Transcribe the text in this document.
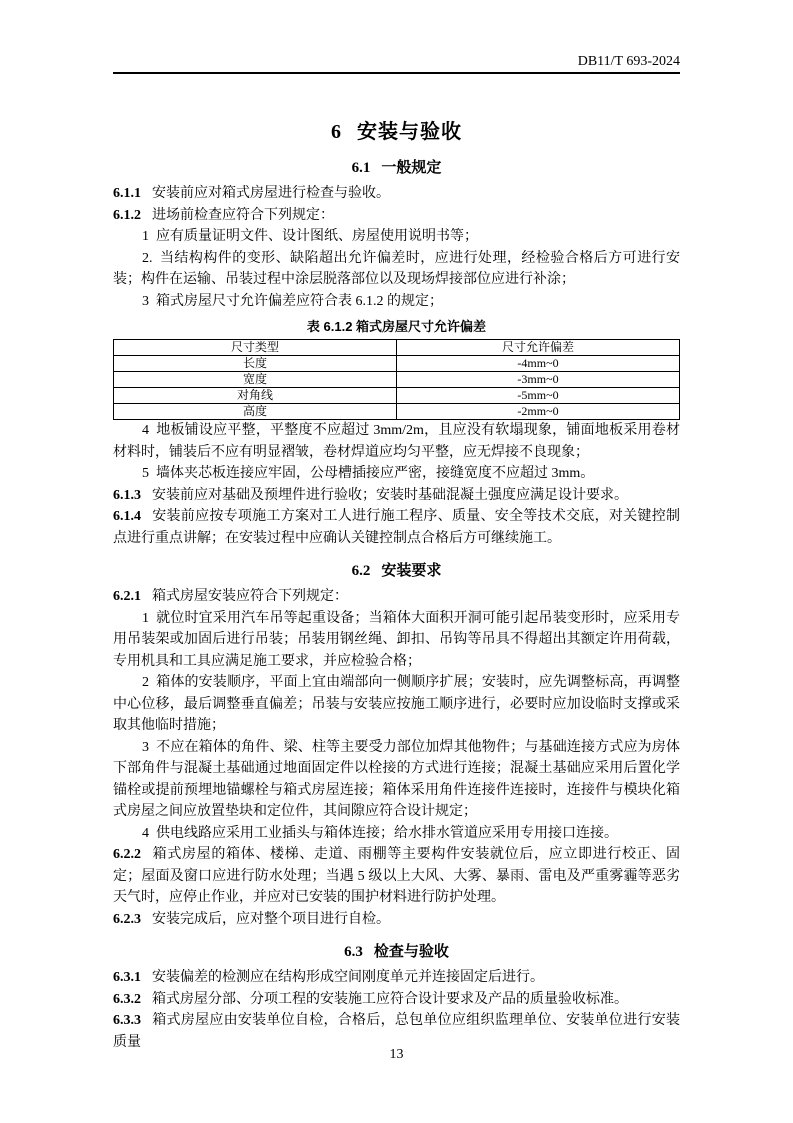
DB11/T 693-2024
6 安装与验收
6.1 一般规定

6.1.1 安装前应对箱式房屋进行检查与验收。

6.1.2 进场前检查应符合下列规定：

1 应有质量证明文件、设计图纸、房屋使用说明书等；

2. 当结构构件的变形、缺陷超出允许偏差时，应进行处理，经检验合格后方可进行安装；构件在运输、吊装过程中涂层脱落部位以及现场焊接部位应进行补涂；

3 箱式房屋尺寸允许偏差应符合表 6.1.2 的规定；

表 6.1.2 箱式房屋尺寸允许偏差
尺寸类型	尺寸允许偏差
长度	-4mm~0
宽度	-3mm~0
对角线	-5mm~0
高度	-2mm~0

4 地板铺设应平整，平整度不应超过 3mm/2m，且应没有软塌现象，铺面地板采用卷材材料时，铺装后不应有明显褶皱，卷材焊道应均匀平整，应无焊接不良现象；

5 墙体夹芯板连接应牢固，公母槽插接应严密，接缝宽度不应超过 3mm。

6.1.3 安装前应对基础及预埋件进行验收；安装时基础混凝土强度应满足设计要求。

6.1.4 安装前应按专项施工方案对工人进行施工程序、质量、安全等技术交底，对关键控制点进行重点讲解；在安装过程中应确认关键控制点合格后方可继续施工。

6.2 安装要求

6.2.1 箱式房屋安装应符合下列规定：

1 就位时宜采用汽车吊等起重设备；当箱体大面积开洞可能引起吊装变形时，应采用专用吊装架或加固后进行吊装；吊装用钢丝绳、卸扣、吊钩等吊具不得超出其额定许用荷载，专用机具和工具应满足施工要求，并应检验合格；

2 箱体的安装顺序，平面上宜由端部向一侧顺序扩展；安装时，应先调整标高，再调整中心位移，最后调整垂直偏差；吊装与安装应按施工顺序进行，必要时应加设临时支撑或采取其他临时措施；

3 不应在箱体的角件、梁、柱等主要受力部位加焊其他物件；与基础连接方式应为房体下部角件与混凝土基础通过地面固定件以栓接的方式进行连接；混凝土基础应采用后置化学锚栓或提前预埋地锚螺栓与箱式房屋连接；箱体采用角件连接件连接时，连接件与模块化箱式房屋之间应放置垫块和定位件，其间隙应符合设计规定；

4 供电线路应采用工业插头与箱体连接；给水排水管道应采用专用接口连接。

6.2.2 箱式房屋的箱体、楼梯、走道、雨棚等主要构件安装就位后，应立即进行校正、固定；屋面及窗口应进行防水处理；当遇 5 级以上大风、大雾、暴雨、雷电及严重雾霾等恶劣天气时，应停止作业，并应对已安装的围护材料进行防护处理。

6.2.3 安装完成后，应对整个项目进行自检。

6.3 检查与验收

6.3.1 安装偏差的检测应在结构形成空间刚度单元并连接固定后进行。

6.3.2 箱式房屋分部、分项工程的安装施工应符合设计要求及产品的质量验收标准。

6.3.3 箱式房屋应由安装单位自检，合格后，总包单位应组织监理单位、安装单位进行安装质量

13
